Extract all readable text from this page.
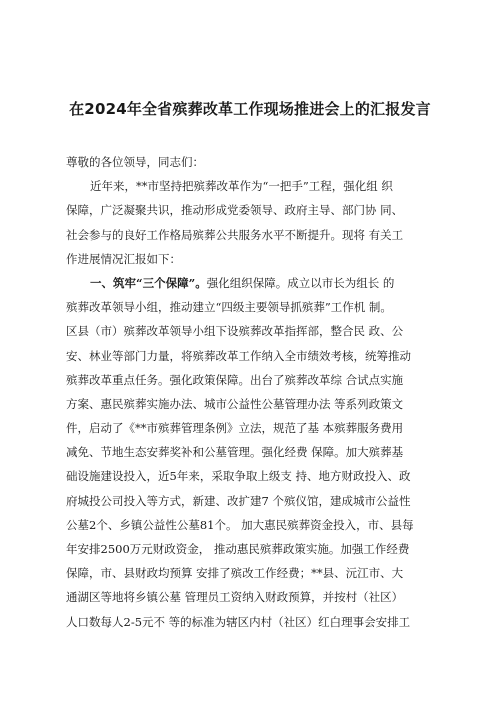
在2024年全省殡葬改革工作现场推进会上的汇报发言
尊敬的各位领导，同志们：
近年来，**市坚持把殡葬改革作为“一把手”工程，强化组 织
保障，广泛凝聚共识，推动形成党委领导、政府主导、部门协 同、
社会参与的良好工作格局殡葬公共服务水平不断提升。现将 有关工
作进展情况汇报如下：
一、筑牢“三个保障”。强化组织保障。成立以市长为组长 的
殡葬改革领导小组，推动建立“四级主要领导抓殡葬”工作机 制。
区县（市）殡葬改革领导小组下设殡葬改革指挥部，整合民 政、公
安、林业等部门力量，将殡葬改革工作纳入全市绩效考核，统筹推动
殡葬改革重点任务。强化政策保障。出台了殡葬改革综 合试点实施
方案、惠民殡葬实施办法、城市公益性公墓管理办法 等系列政策文
件，启动了《**市殡葬管理条例》立法，规范了基 本殡葬服务费用
减免、节地生态安葬奖补和公墓管理。强化经费 保障。加大殡葬基
础设施建设投入，近5年来，采取争取上级支 持、地方财政投入、政
府城投公司投入等方式，新建、改扩建7 个殡仪馆，建成城市公益性
公墓2个、乡镇公益性公墓81个。 加大惠民殡葬资金投入，市、县每
年安排2500万元财政资金， 推动惠民殡葬政策实施。加强工作经费
保障，市、县财政均预算 安排了殡改工作经费；**县、沅江市、大
通湖区等地将乡镇公墓 管理员工资纳入财政预算，并按村（社区）
人口数每人2-5元不 等的标准为辖区内村（社区）红白理事会安排工
